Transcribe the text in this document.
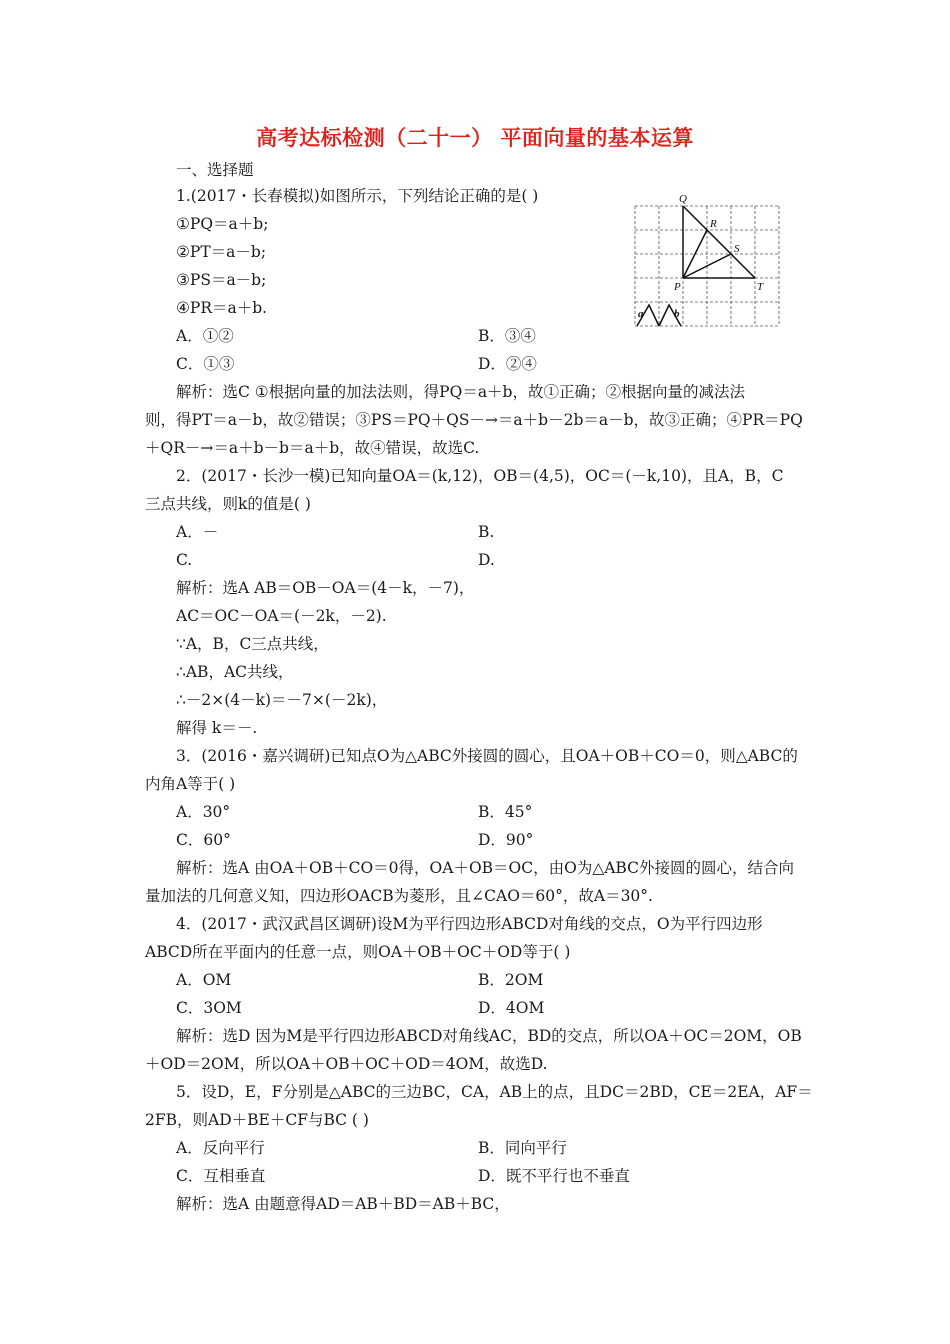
高考达标检测（二十一） 平面向量的基本运算
一、选择题
1.(2017・长春模拟)如图所示，下列结论正确的是( )
①PQ＝a＋b;
②PT＝a－b;
③PS＝a－b;
④PR＝a＋b.
A．①②	B．③④
C．①③	D．②④
解析：选C ①根据向量的加法法则，得PQ＝a＋b，故①正确；②根据向量的减法法
则，得PT＝a－b，故②错误；③PS＝PQ＋QS－→＝a＋b－2b＝a－b，故③正确；④PR＝PQ
＋QR－→＝a＋b－b＝a＋b，故④错误，故选C.
Q
R
S
P	T
a	b
2．(2017・长沙一模)已知向量OA＝(k,12)，OB＝(4,5)，OC＝(－k,10)，且A，B，C
三点共线，则k的值是( )
A．－	B.
C.	D.
解析：选A AB＝OB－OA＝(4－k，－7)，
AC＝OC－OA＝(－2k，－2).
∵A，B，C三点共线，
∴AB，AC共线，
∴－2×(4－k)＝－7×(－2k)，
解得 k＝－.
3．(2016・嘉兴调研)已知点O为△ABC外接圆的圆心，且OA＋OB＋CO＝0，则△ABC的
内角A等于( )
A．30°	B．45°
C．60°	D．90°
解析：选A 由OA＋OB＋CO＝0得，OA＋OB＝OC，由O为△ABC外接圆的圆心，结合向
量加法的几何意义知，四边形OACB为菱形，且∠CAO＝60°，故A＝30°.
4．(2017・武汉武昌区调研)设M为平行四边形ABCD对角线的交点，O为平行四边形
ABCD所在平面内的任意一点，则OA＋OB＋OC＋OD等于( )
A．OM	B．2OM
C．3OM	D．4OM
解析：选D 因为M是平行四边形ABCD对角线AC，BD的交点，所以OA＋OC＝2OM，OB
＋OD＝2OM，所以OA＋OB＋OC＋OD＝4OM，故选D.
5．设D，E，F分别是△ABC的三边BC，CA，AB上的点，且DC＝2BD，CE＝2EA，AF＝
2FB，则AD＋BE＋CF与BC ( )
A．反向平行	B．同向平行
C．互相垂直	D．既不平行也不垂直
解析：选A 由题意得AD＝AB＋BD＝AB＋BC，
